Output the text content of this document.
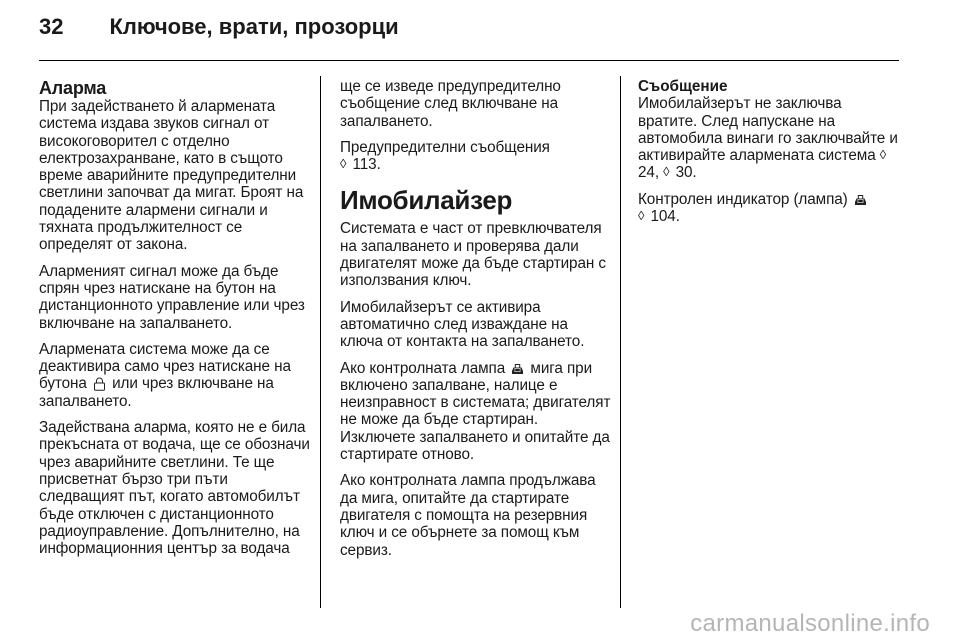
32 Ключове, врати, прозорци
Аларма

При задействането й алармената система издава звуков сигнал от високоговорител с отделно електрозахранване, като в същото време аварийните предупредителни светлини започват да мигат. Броят на подадените алармени сигнали и тяхната продължителност се определят от закона.

Алармeният сигнал може да бъде спрян чрез натискане на бутон на дистанционното управление или чрез включване на запалването.

Алармената система може да се деактивира само чрез натискане на бутона или чрез включване на запалването.

Задействана аларма, която не е била прекъсната от водача, ще се обозначи чрез аварийните светлини. Те ще присветнат бързо три пъти следващият път, когато автомобилът бъде отключен с дистанционното радиоуправление. Допълнително, на информационния център за водача

ще се изведе предупредително съобщение след включване на запалването.

Предупредителни съобщения
◊ 113.

Имобилайзер

Системата е част от превключвателя на запалването и проверява дали двигателят може да бъде стартиран с използвания ключ.

Имобилайзерът се активира автоматично след изваждане на ключа от контакта на запалването.

Ако контролната лампа мига при включено запалване, налице е неизправност в системата; двигателят не може да бъде стартиран. Изключете запалването и опитайте да стартирате отново.

Ако контролната лампа продължава да мига, опитайте да стартирате двигателя с помощта на резервния ключ и се обърнете за помощ към сервиз.

Съобщение

Имобилайзерът не заключва вратите. След напускане на автомобила винаги го заключвайте и активирайте алармената система ◊ 24, ◊ 30.

Контролен индикатор (лампа)

◊ 104.

carmanualsonline.info
